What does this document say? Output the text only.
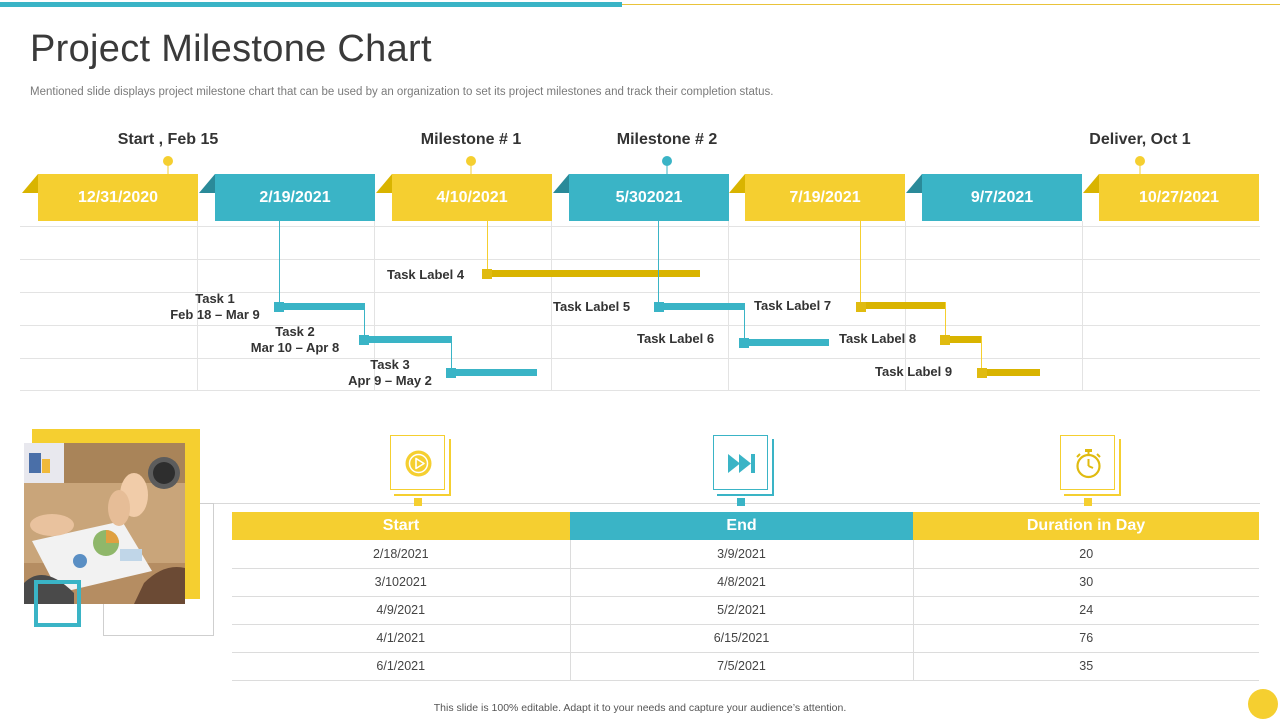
Project Milestone Chart

Mentioned slide displays project milestone chart that can be used by an organization to set its project milestones and track their completion status.

Start , Feb 15	Milestone # 1	Milestone # 2	Deliver, Oct 1
12/31/2020	2/19/2021	4/10/2021	5/302021	7/19/2021	9/7/2021	10/27/2021
Task 1
Feb 18 – Mar 9
Task 2
Mar 10 – Apr 8
Task 3
Apr 9 – May 2
Task Label 4
Task Label 5
Task Label 6
Task Label 7
Task Label 8
Task Label 9
Start	End	Duration in Day
2/18/2021	3/9/2021	20
3/102021	4/8/2021	30
4/9/2021	5/2/2021	24
4/1/2021	6/15/2021	76
6/1/2021	7/5/2021	35
This slide is 100% editable. Adapt it to your needs and capture your audience’s attention.
